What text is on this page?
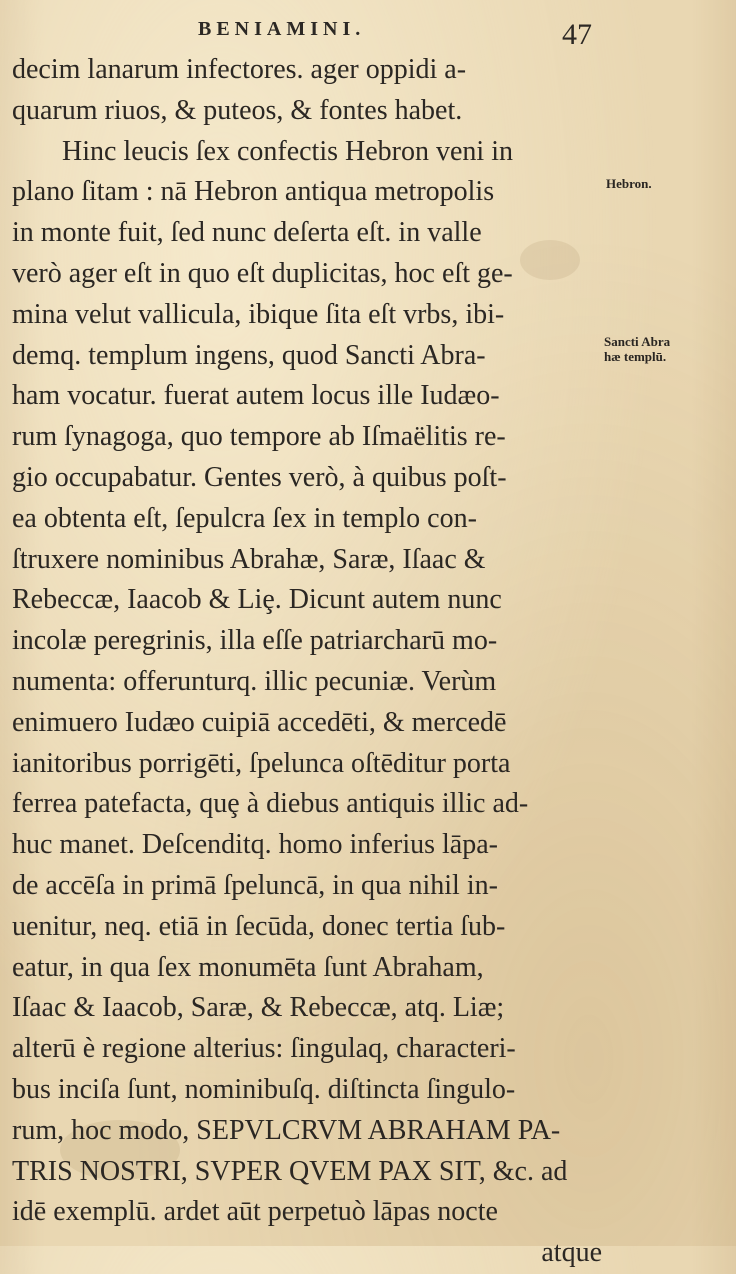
BENIAMINI.	47
decim lanarum infectores. ager oppidi a-
quarum riuos, & puteos, & fontes habet.
Hinc leucis ſex confectis Hebron veni in
plano ſitam : nā Hebron antiqua metropolis
in monte fuit, ſed nunc deſerta eſt. in valle
verò ager eſt in quo eſt duplicitas, hoc eſt ge-
mina velut vallicula, ibique ſita eſt vrbs, ibi-
demq. templum ingens, quod Sancti Abra-
ham vocatur. fuerat autem locus ille Iudæo-
rum ſynagoga, quo tempore ab Iſmaëlitis re-
gio occupabatur. Gentes verò, à quibus poſt-
ea obtenta eſt, ſepulcra ſex in templo con-
ſtruxere nominibus Abrahæ, Saræ, Iſaac &
Rebeccæ, Iaacob & Liȩ. Dicunt autem nunc
incolæ peregrinis, illa eſſe patriarcharū mo-
numenta: offerunturq. illic pecuniæ. Verùm
enimuero Iudæo cuipiā accedēti, & mercedē
ianitoribus porrigēti, ſpelunca oſtēditur porta
ferrea patefacta, quȩ à diebus antiquis illic ad-
huc manet. Deſcenditq. homo inferius lāpa-
de accēſa in primā ſpeluncā, in qua nihil in-
uenitur, neq. etiā in ſecūda, donec tertia ſub-
eatur, in qua ſex monumēta ſunt Abraham,
Iſaac & Iaacob, Saræ, & Rebeccæ, atq. Liæ;
alterū è regione alterius: ſingulaq, characteri-
bus inciſa ſunt, nominibuſq. diſtincta ſingulo-
rum, hoc modo, SEPVLCRVM ABRAHAM PA-
TRIS NOSTRI, SVPER QVEM PAX SIT, &c. ad
idē exemplū. ardet aūt perpetuò lāpas nocte
atque
Hebron.
Sancti Abra
hæ templū.
